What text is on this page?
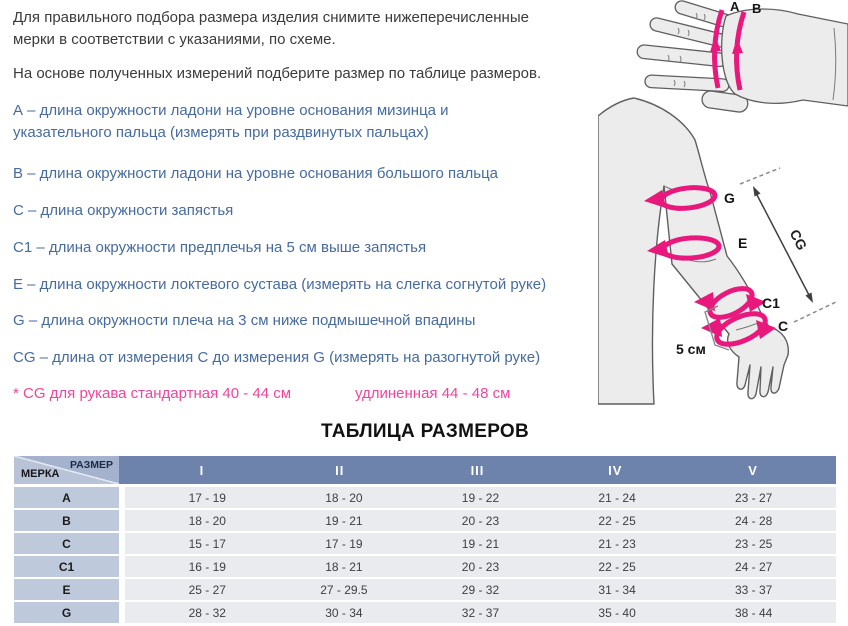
Для правильного подбора размера изделия снимите нижеперечисленные мерки в соответствии с указаниями, по схеме.
На основе полученных измерений подберите размер по таблице размеров.
А – длина окружности ладони на уровне основания мизинца и указательного пальца (измерять при раздвинутых пальцах)
В – длина окружности ладони на уровне основания большого пальца
С – длина окружности запястья
С1 – длина окружности предплечья на 5 см выше запястья
Е – длина окружности локтевого сустава (измерять на слегка согнутой руке)
G – длина окружности плеча на 3 см ниже подмышечной впадины
CG – длина от измерения С до измерения G (измерять на разогнутой руке)
* CG для рукава стандартная 40 - 44 см	удлиненная 44 - 48 см
А В
G
E
C1
C
CG
5 см
ТАБЛИЦА РАЗМЕРОВ
РАЗМЕР
МЕРКА	I	II	III	IV	V
А	17 - 19	18 - 20	19 - 22	21 - 24	23 - 27
В	18 - 20	19 - 21	20 - 23	22 - 25	24 - 28
С	15 - 17	17 - 19	19 - 21	21 - 23	23 - 25
С1	16 - 19	18 - 21	20 - 23	22 - 25	24 - 27
Е	25 - 27	27 - 29.5	29 - 32	31 - 34	33 - 37
G	28 - 32	30 - 34	32 - 37	35 - 40	38 - 44
